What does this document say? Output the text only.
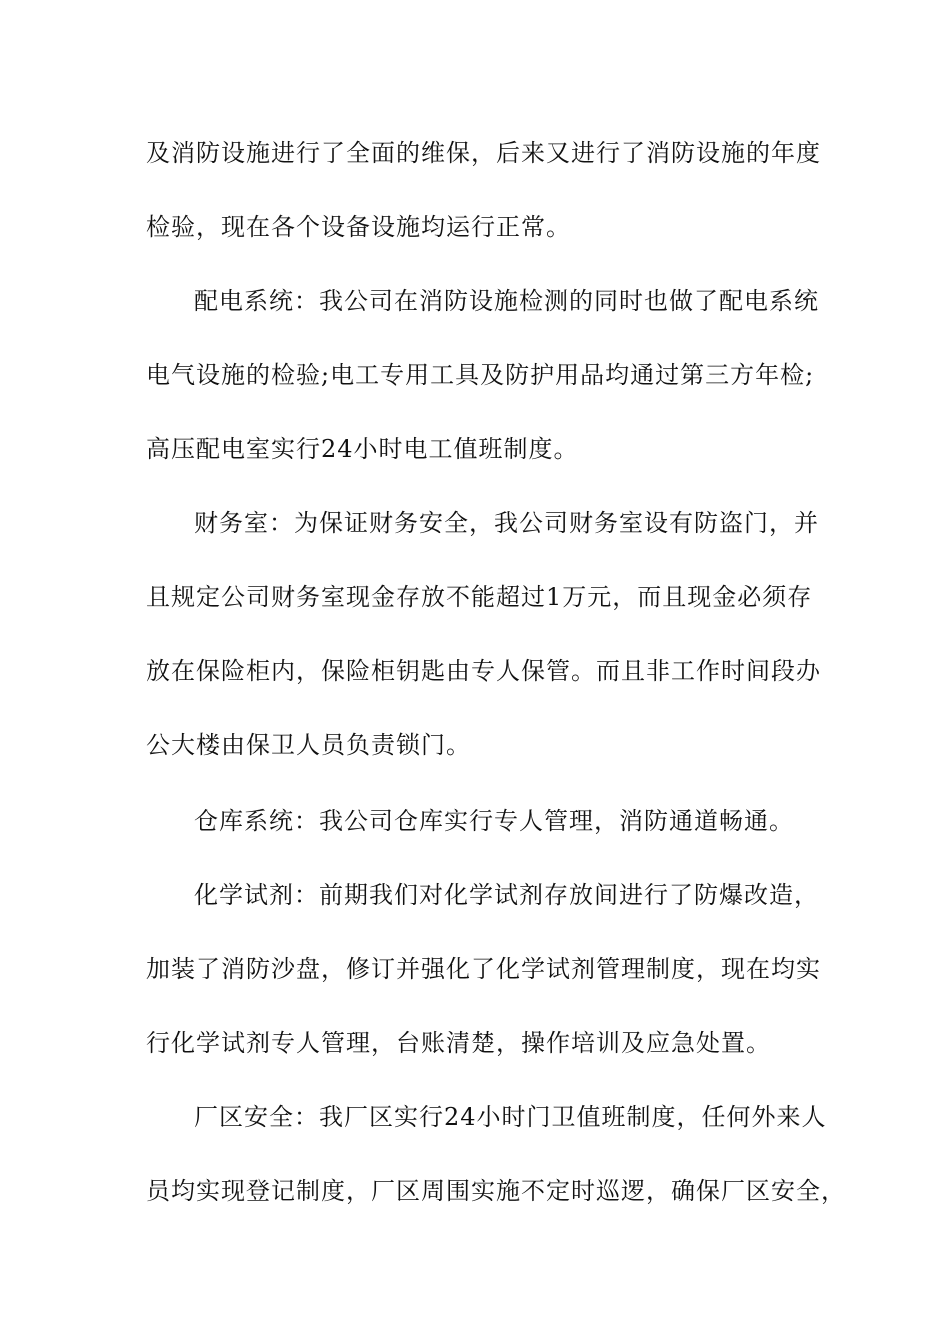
及消防设施进行了全面的维保，后来又进行了消防设施的年度
检验，现在各个设备设施均运行正常。
配电系统：我公司在消防设施检测的同时也做了配电系统
电气设施的检验;电工专用工具及防护用品均通过第三方年检;
高压配电室实行24小时电工值班制度。
财务室：为保证财务安全，我公司财务室设有防盗门，并
且规定公司财务室现金存放不能超过1万元，而且现金必须存
放在保险柜内，保险柜钥匙由专人保管。而且非工作时间段办
公大楼由保卫人员负责锁门。
仓库系统：我公司仓库实行专人管理，消防通道畅通。
化学试剂：前期我们对化学试剂存放间进行了防爆改造，
加装了消防沙盘，修订并强化了化学试剂管理制度，现在均实
行化学试剂专人管理，台账清楚，操作培训及应急处置。
厂区安全：我厂区实行24小时门卫值班制度，任何外来人
员均实现登记制度，厂区周围实施不定时巡逻，确保厂区安全，
